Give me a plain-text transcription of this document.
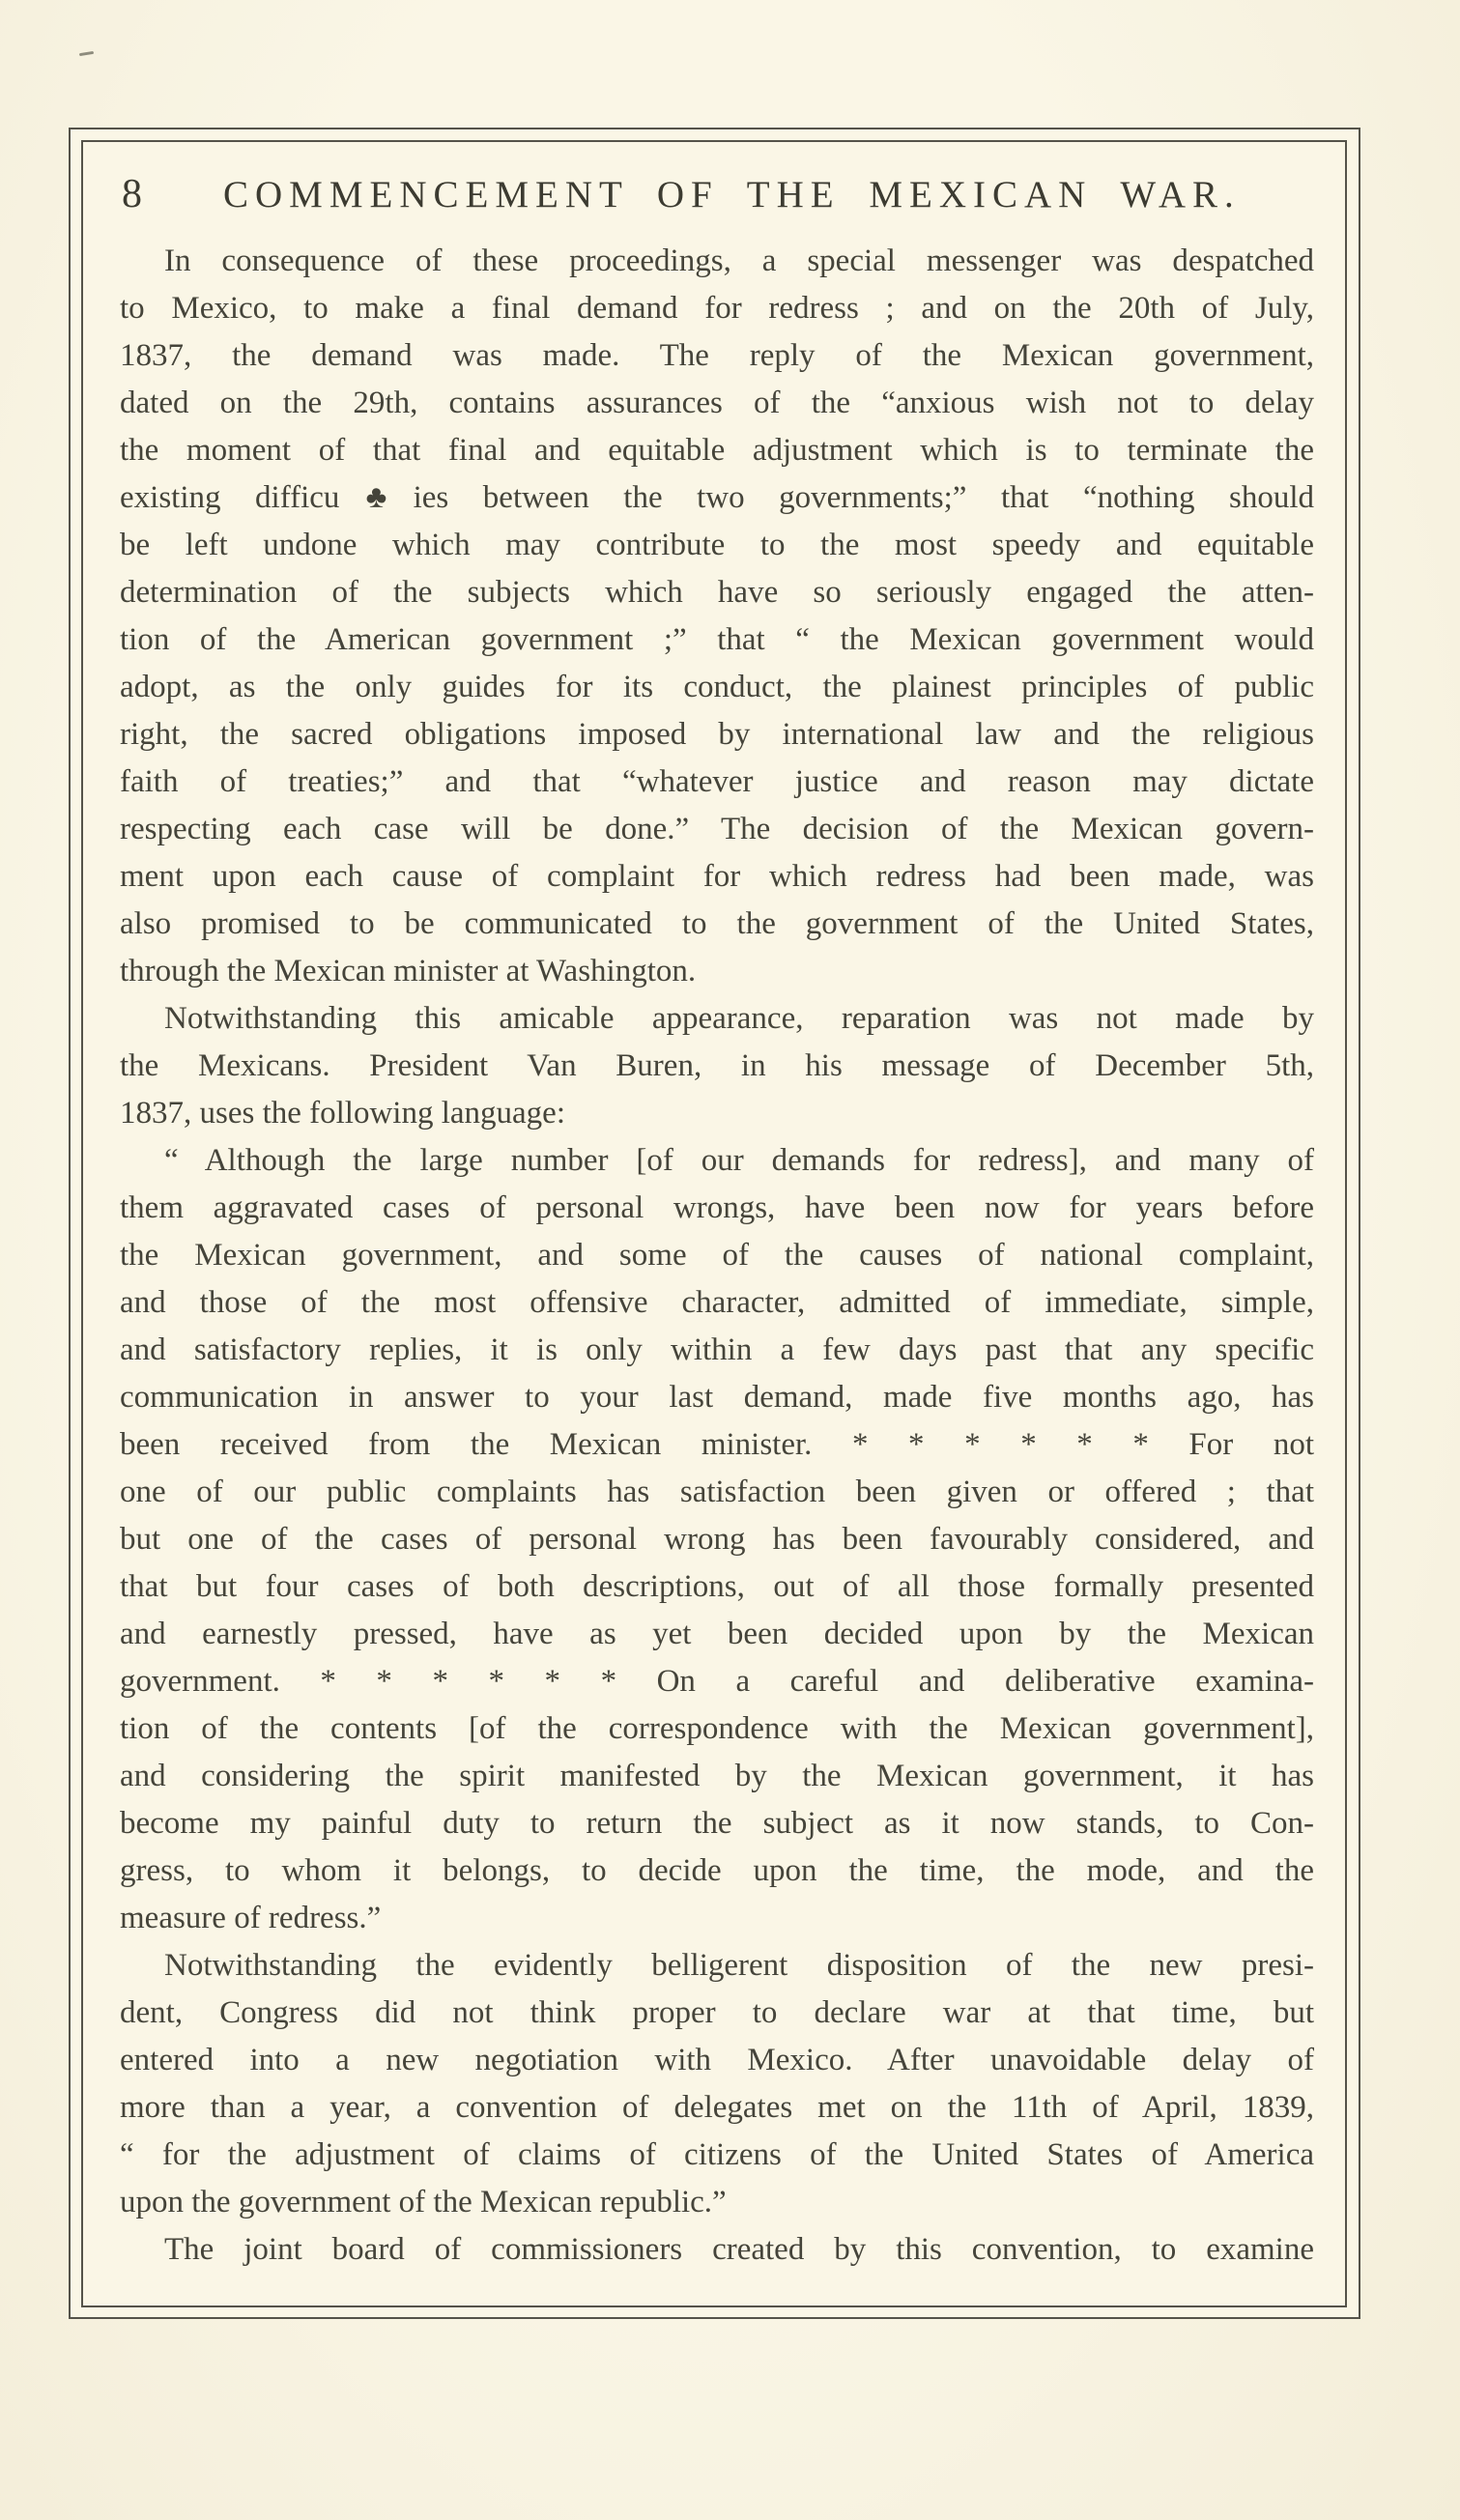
8 COMMENCEMENT OF THE MEXICAN WAR.
In consequence of these proceedings, a special messenger was despatched
to Mexico, to make a final demand for redress ; and on the 20th of July,
1837, the demand was made. The reply of the Mexican government,
dated on the 29th, contains assurances of the “anxious wish not to delay
the moment of that final and equitable adjustment which is to terminate the
existing difficu♣ies between the two governments;” that “nothing should
be left undone which may contribute to the most speedy and equitable
determination of the subjects which have so seriously engaged the atten-
tion of the American government ;” that “ the Mexican government would
adopt, as the only guides for its conduct, the plainest principles of public
right, the sacred obligations imposed by international law and the religious
faith of treaties;” and that “whatever justice and reason may dictate
respecting each case will be done.” The decision of the Mexican govern-
ment upon each cause of complaint for which redress had been made, was
also promised to be communicated to the government of the United States,
through the Mexican minister at Washington.
Notwithstanding this amicable appearance, reparation was not made by
the Mexicans. President Van Buren, in his message of December 5th,
1837, uses the following language:
“ Although the large number [of our demands for redress], and many of
them aggravated cases of personal wrongs, have been now for years before
the Mexican government, and some of the causes of national complaint,
and those of the most offensive character, admitted of immediate, simple,
and satisfactory replies, it is only within a few days past that any specific
communication in answer to your last demand, made five months ago, has
been received from the Mexican minister. * * * * * * For not
one of our public complaints has satisfaction been given or offered ; that
but one of the cases of personal wrong has been favourably considered, and
that but four cases of both descriptions, out of all those formally presented
and earnestly pressed, have as yet been decided upon by the Mexican
government. * * * * * * On a careful and deliberative examina-
tion of the contents [of the correspondence with the Mexican government],
and considering the spirit manifested by the Mexican government, it has
become my painful duty to return the subject as it now stands, to Con-
gress, to whom it belongs, to decide upon the time, the mode, and the
measure of redress.”
Notwithstanding the evidently belligerent disposition of the new presi-
dent, Congress did not think proper to declare war at that time, but
entered into a new negotiation with Mexico. After unavoidable delay of
more than a year, a convention of delegates met on the 11th of April, 1839,
“ for the adjustment of claims of citizens of the United States of America
upon the government of the Mexican republic.”
The joint board of commissioners created by this convention, to examine
